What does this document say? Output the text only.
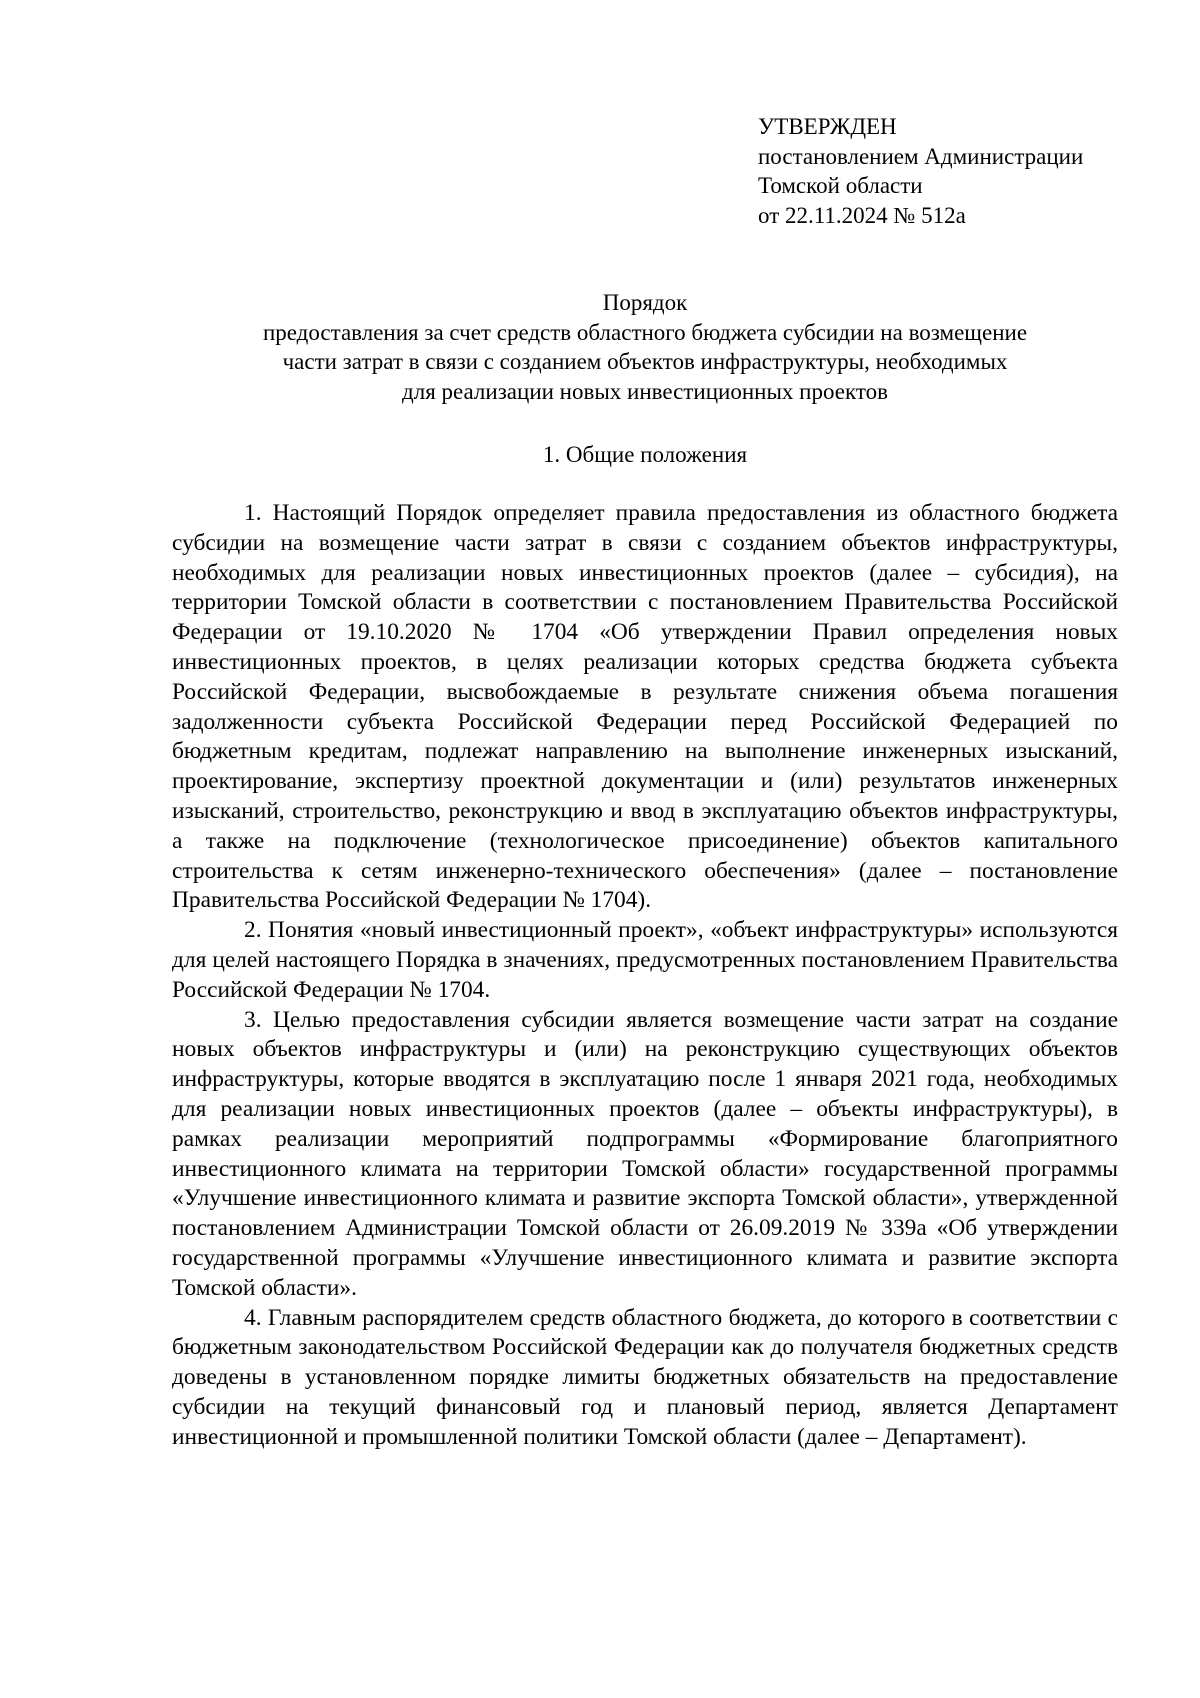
УТВЕРЖДЕН
постановлением Администрации
Томской области
от 22.11.2024 № 512а
Порядок
предоставления за счет средств областного бюджета субсидии на возмещение
части затрат в связи с созданием объектов инфраструктуры, необходимых
для реализации новых инвестиционных проектов
1. Общие положения

1. Настоящий Порядок определяет правила предоставления из областного бюджета субсидии на возмещение части затрат в связи с созданием объектов инфраструктуры, необходимых для реализации новых инвестиционных проектов (далее – субсидия), на территории Томской области в соответствии с постановлением Правительства Российской Федерации от 19.10.2020 № 1704 «Об утверждении Правил определения новых инвестиционных проектов, в целях реализации которых средства бюджета субъекта Российской Федерации, высвобождаемые в результате снижения объема погашения задолженности субъекта Российской Федерации перед Российской Федерацией по бюджетным кредитам, подлежат направлению на выполнение инженерных изысканий, проектирование, экспертизу проектной документации и (или) результатов инженерных изысканий, строительство, реконструкцию и ввод в эксплуатацию объектов инфраструктуры, а также на подключение (технологическое присоединение) объектов капитального строительства к сетям инженерно-технического обеспечения» (далее – постановление Правительства Российской Федерации № 1704).

2. Понятия «новый инвестиционный проект», «объект инфраструктуры» используются для целей настоящего Порядка в значениях, предусмотренных постановлением Правительства Российской Федерации № 1704.

3. Целью предоставления субсидии является возмещение части затрат на создание новых объектов инфраструктуры и (или) на реконструкцию существующих объектов инфраструктуры, которые вводятся в эксплуатацию после 1 января 2021 года, необходимых для реализации новых инвестиционных проектов (далее – объекты инфраструктуры), в рамках реализации мероприятий подпрограммы «Формирование благоприятного инвестиционного климата на территории Томской области» государственной программы «Улучшение инвестиционного климата и развитие экспорта Томской области», утвержденной постановлением Администрации Томской области от 26.09.2019 № 339а «Об утверждении государственной программы «Улучшение инвестиционного климата и развитие экспорта Томской области».

4. Главным распорядителем средств областного бюджета, до которого в соответствии с бюджетным законодательством Российской Федерации как до получателя бюджетных средств доведены в установленном порядке лимиты бюджетных обязательств на предоставление субсидии на текущий финансовый год и плановый период, является Департамент инвестиционной и промышленной политики Томской области (далее – Департамент).
